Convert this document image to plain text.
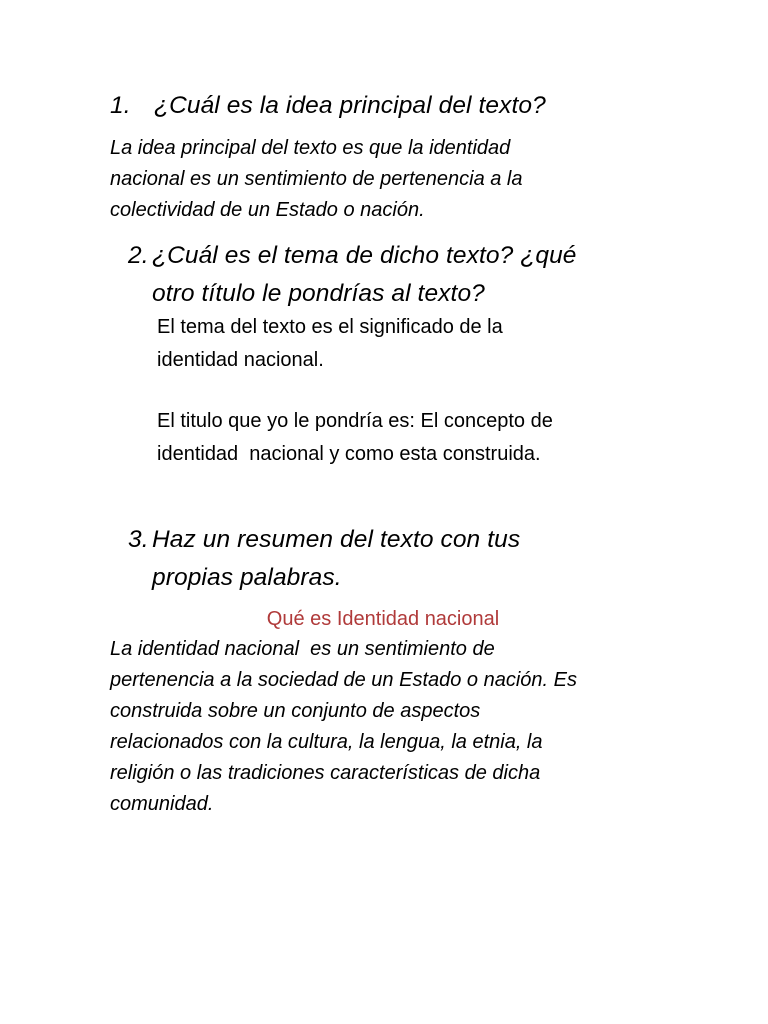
1. ¿Cuál es la idea principal del texto?
La idea principal del texto es que la identidad
nacional es un sentimiento de pertenencia a la
colectividad de un Estado o nación.
2. ¿Cuál es el tema de dicho texto? ¿qué
otro título le pondrías al texto?
El tema del texto es el significado de la
identidad nacional.
El titulo que yo le pondría es: El concepto de
identidad  nacional y como esta construida.
3. Haz un resumen del texto con tus
propias palabras.
Qué es Identidad nacional
La identidad nacional  es un sentimiento de
pertenencia a la sociedad de un Estado o nación. Es
construida sobre un conjunto de aspectos
relacionados con la cultura, la lengua, la etnia, la
religión o las tradiciones características de dicha
comunidad.
